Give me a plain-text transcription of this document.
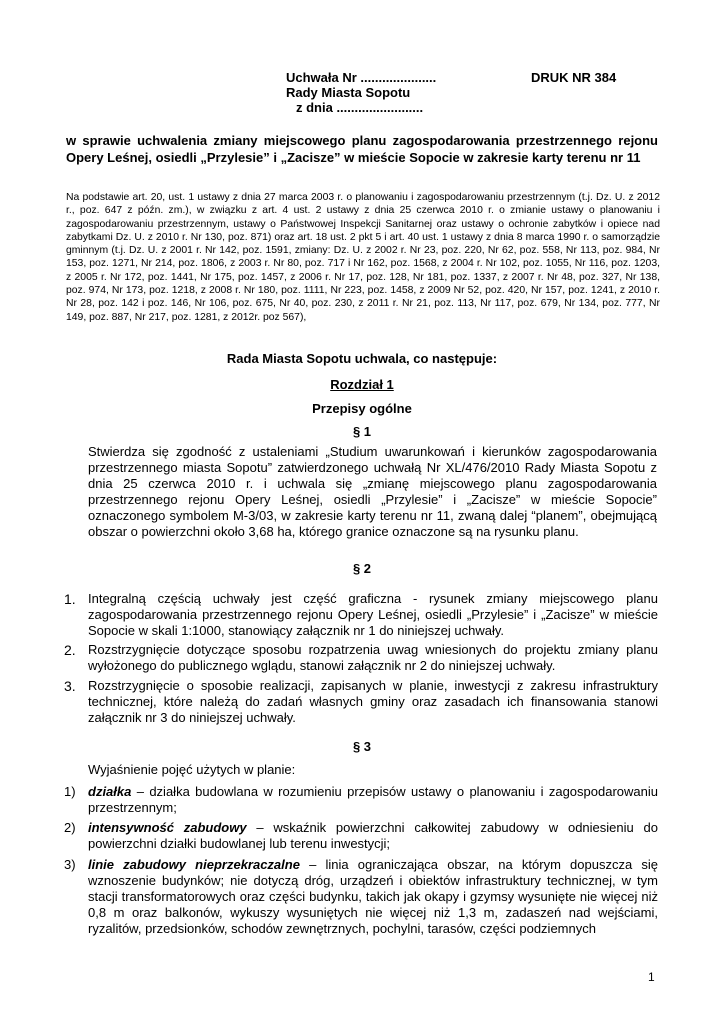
Uchwała Nr .....................	DRUK NR 384
Rady Miasta Sopotu
z dnia ........................
w sprawie uchwalenia zmiany miejscowego planu zagospodarowania przestrzennego rejonu Opery Leśnej, osiedli „Przylesie” i „Zacisze” w mieście Sopocie w zakresie karty terenu nr 11
Na podstawie art. 20, ust. 1 ustawy z dnia 27 marca 2003 r. o planowaniu i zagospodarowaniu przestrzennym (t.j. Dz. U. z 2012 r., poz. 647 z późn. zm.), w związku z art. 4 ust. 2 ustawy z dnia 25 czerwca 2010 r. o zmianie ustawy o planowaniu i zagospodarowaniu przestrzennym, ustawy o Państwowej Inspekcji Sanitarnej oraz ustawy o ochronie zabytków i opiece nad zabytkami Dz. U. z 2010 r. Nr 130, poz. 871) oraz art. 18 ust. 2 pkt 5 i art. 40 ust. 1 ustawy z dnia 8 marca 1990 r. o samorządzie gminnym (t.j. Dz. U. z 2001 r. Nr 142, poz. 1591, zmiany: Dz. U. z 2002 r. Nr 23, poz. 220, Nr 62, poz. 558, Nr 113, poz. 984, Nr 153, poz. 1271, Nr 214, poz. 1806, z 2003 r. Nr 80, poz. 717 i Nr 162, poz. 1568, z 2004 r. Nr 102, poz. 1055, Nr 116, poz. 1203, z 2005 r. Nr 172, poz. 1441, Nr 175, poz. 1457, z 2006 r. Nr 17, poz. 128, Nr 181, poz. 1337, z 2007 r. Nr 48, poz. 327, Nr 138, poz. 974, Nr 173, poz. 1218, z 2008 r. Nr 180, poz. 1111, Nr 223, poz. 1458, z 2009 Nr 52, poz. 420, Nr 157, poz. 1241, z 2010 r. Nr 28, poz. 142 i poz. 146, Nr 106, poz. 675, Nr 40, poz. 230, z 2011 r. Nr 21, poz. 113, Nr 117, poz. 679, Nr 134, poz. 777, Nr 149, poz. 887, Nr 217, poz. 1281, z 2012r. poz 567),
Rada Miasta Sopotu uchwala, co następuje:
Rozdział 1
Przepisy ogólne
§ 1
Stwierdza się zgodność z ustaleniami „Studium uwarunkowań i kierunków zagospodarowania przestrzennego miasta Sopotu” zatwierdzonego uchwałą Nr XL/476/2010 Rady Miasta Sopotu z dnia 25 czerwca 2010 r. i uchwala się „zmianę miejscowego planu zagospodarowania przestrzennego rejonu Opery Leśnej, osiedli „Przylesie” i „Zacisze” w mieście Sopocie” oznaczonego symbolem M-3/03, w zakresie karty terenu nr 11, zwaną dalej “planem”, obejmującą obszar o powierzchni około 3,68 ha, którego granice oznaczone są na rysunku planu.
§ 2
1. Integralną częścią uchwały jest część graficzna - rysunek zmiany miejscowego planu zagospodarowania przestrzennego rejonu Opery Leśnej, osiedli „Przylesie” i „Zacisze” w mieście Sopocie w skali 1:1000, stanowiący załącznik nr 1 do niniejszej uchwały.
2. Rozstrzygnięcie dotyczące sposobu rozpatrzenia uwag wniesionych do projektu zmiany planu wyłożonego do publicznego wglądu, stanowi załącznik nr 2 do niniejszej uchwały.
3. Rozstrzygnięcie o sposobie realizacji, zapisanych w planie, inwestycji z zakresu infrastruktury technicznej, które należą do zadań własnych gminy oraz zasadach ich finansowania stanowi załącznik nr 3 do niniejszej uchwały.
§ 3
Wyjaśnienie pojęć użytych w planie:
1) działka – działka budowlana w rozumieniu przepisów ustawy o planowaniu i zagospodarowaniu przestrzennym;
2) intensywność zabudowy – wskaźnik powierzchni całkowitej zabudowy w odniesieniu do powierzchni działki budowlanej lub terenu inwestycji;
3) linie zabudowy nieprzekraczalne – linia ograniczająca obszar, na którym dopuszcza się wznoszenie budynków; nie dotyczą dróg, urządzeń i obiektów infrastruktury technicznej, w tym stacji transformatorowych oraz części budynku, takich jak okapy i gzymsy wysunięte nie więcej niż 0,8 m oraz balkonów, wykuszy wysuniętych nie więcej niż 1,3 m, zadaszeń nad wejściami, ryzalitów, przedsionków, schodów zewnętrznych, pochylni, tarasów, części podziemnych
1
